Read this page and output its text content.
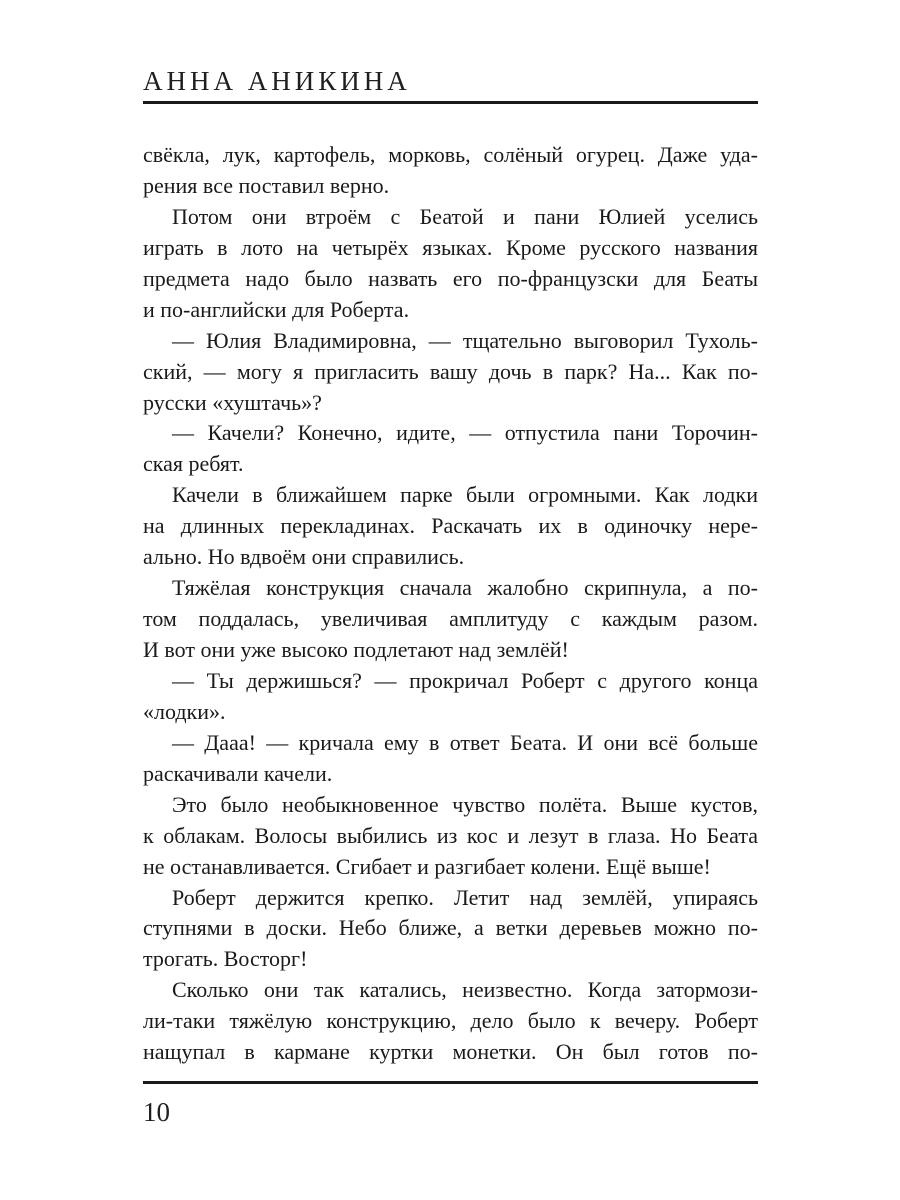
АННА АНИКИНА
свёкла, лук, картофель, морковь, солёный огурец. Даже уда-
рения все поставил верно.
Потом они втроём с Беатой и пани Юлией уселись
играть в лото на четырёх языках. Кроме русского названия
предмета надо было назвать его по-французски для Беаты
и по-английски для Роберта.
— Юлия Владимировна, — тщательно выговорил Тухоль-
ский, — могу я пригласить вашу дочь в парк? На... Как по-
русски «хуштачь»?
— Качели? Конечно, идите, — отпустила пани Торочин-
ская ребят.
Качели в ближайшем парке были огромными. Как лодки
на длинных перекладинах. Раскачать их в одиночку нере-
ально. Но вдвоём они справились.
Тяжёлая конструкция сначала жалобно скрипнула, а по-
том поддалась, увеличивая амплитуду с каждым разом.
И вот они уже высоко подлетают над землёй!
— Ты держишься? — прокричал Роберт с другого конца
«лодки».
— Дааа! — кричала ему в ответ Беата. И они всё больше
раскачивали качели.
Это было необыкновенное чувство полёта. Выше кустов,
к облакам. Волосы выбились из кос и лезут в глаза. Но Беата
не останавливается. Сгибает и разгибает колени. Ещё выше!
Роберт держится крепко. Летит над землёй, упираясь
ступнями в доски. Небо ближе, а ветки деревьев можно по-
трогать. Восторг!
Сколько они так катались, неизвестно. Когда затормози-
ли-таки тяжёлую конструкцию, дело было к вечеру. Роберт
нащупал в кармане куртки монетки. Он был готов по-
10
